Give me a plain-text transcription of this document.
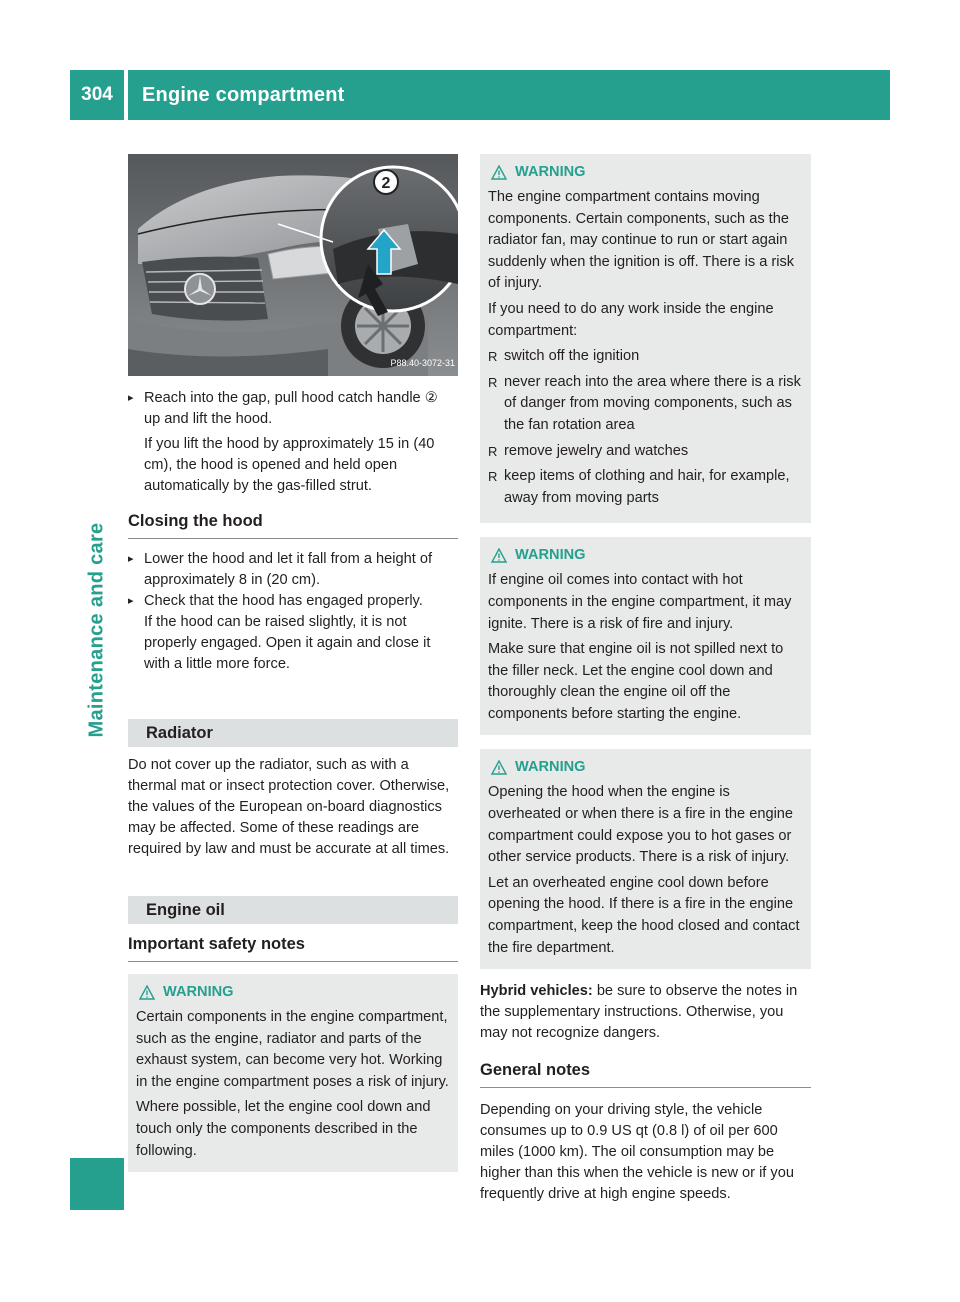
304	Engine compartment
Maintenance and care
2
P88.40-3072-31
▸ Reach into the gap, pull hood catch handle ②
up and lift the hood.
If you lift the hood by approximately 15 in (40 cm), the hood is opened and held open automatically by the gas-filled strut.
Closing the hood
▸ Lower the hood and let it fall from a height of approximately 8 in (20 cm).
▸ Check that the hood has engaged properly.
If the hood can be raised slightly, it is not properly engaged. Open it again and close it with a little more force.
Radiator
Do not cover up the radiator, such as with a thermal mat or insect protection cover. Otherwise, the values of the European on-board diagnostics may be affected. Some of these readings are required by law and must be accurate at all times.
Engine oil
Important safety notes
WARNING

Certain components in the engine compartment, such as the engine, radiator and parts of the exhaust system, can become very hot. Working in the engine compartment poses a risk of injury.

Where possible, let the engine cool down and touch only the components described in the following.

WARNING

The engine compartment contains moving components. Certain components, such as the radiator fan, may continue to run or start again suddenly when the ignition is off. There is a risk of injury.

If you need to do any work inside the engine compartment:

R switch off the ignition
R never reach into the area where there is a risk of danger from moving components, such as the fan rotation area
R remove jewelry and watches
R keep items of clothing and hair, for example, away from moving parts
WARNING

If engine oil comes into contact with hot components in the engine compartment, it may ignite. There is a risk of fire and injury.

Make sure that engine oil is not spilled next to the filler neck. Let the engine cool down and thoroughly clean the engine oil off the components before starting the engine.

WARNING

Opening the hood when the engine is overheated or when there is a fire in the engine compartment could expose you to hot gases or other service products. There is a risk of injury.

Let an overheated engine cool down before opening the hood. If there is a fire in the engine compartment, keep the hood closed and contact the fire department.

Hybrid vehicles: be sure to observe the notes in the supplementary instructions. Otherwise, you may not recognize dangers.
General notes
Depending on your driving style, the vehicle consumes up to 0.9 US qt (0.8 l) of oil per 600 miles (1000 km). The oil consumption may be higher than this when the vehicle is new or if you frequently drive at high engine speeds.
